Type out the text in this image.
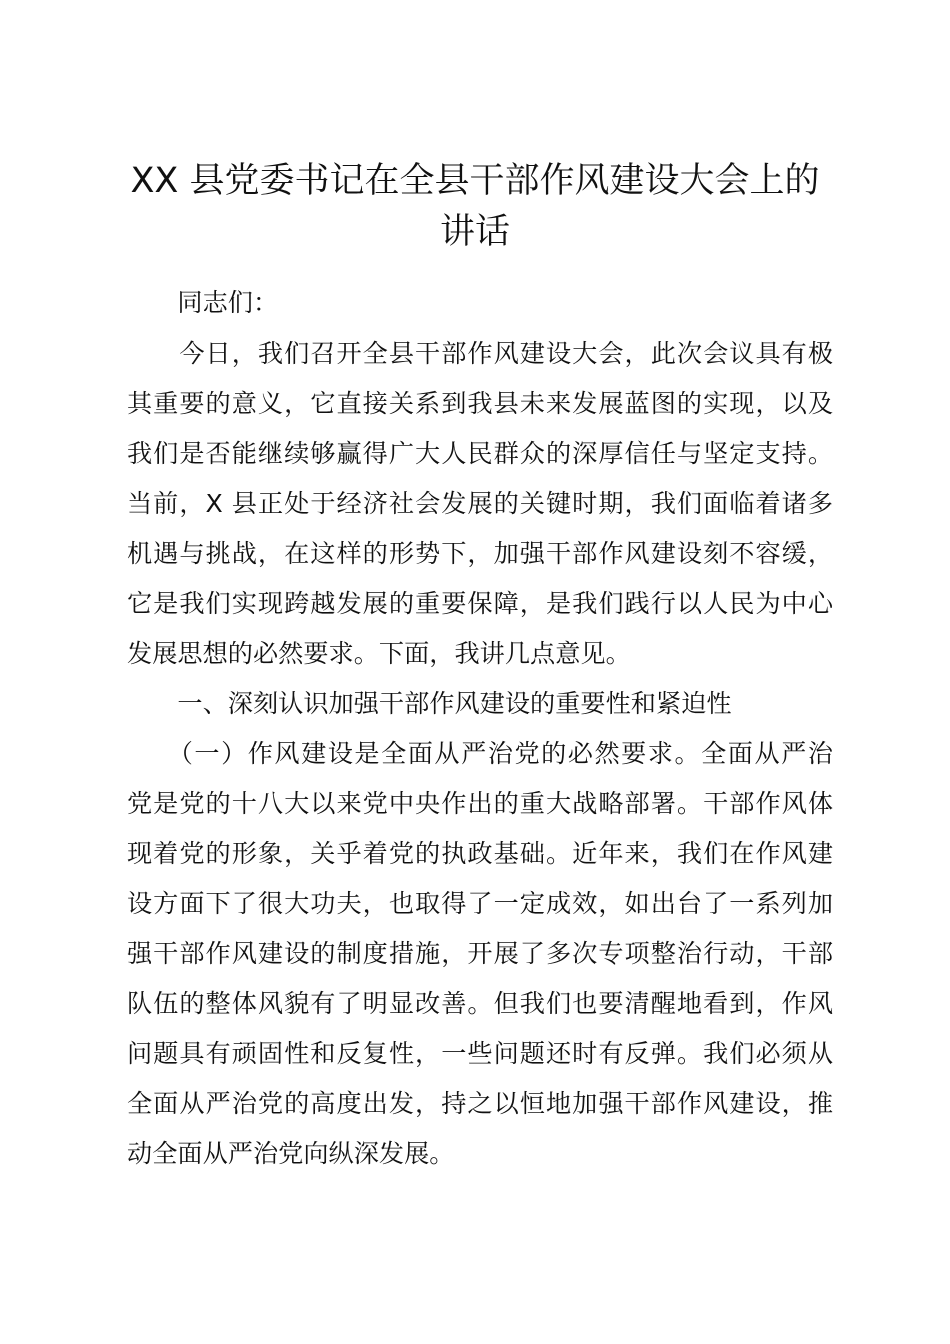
XX 县党委书记在全县干部作风建设大会上的
讲话
　　同志们：
　　今日，我们召开全县干部作风建设大会，此次会议具有极
其重要的意义，它直接关系到我县未来发展蓝图的实现，以及
我们是否能继续够赢得广大人民群众的深厚信任与坚定支持。
当前，X 县正处于经济社会发展的关键时期，我们面临着诸多
机遇与挑战，在这样的形势下，加强干部作风建设刻不容缓，
它是我们实现跨越发展的重要保障，是我们践行以人民为中心
发展思想的必然要求。下面，我讲几点意见。
　　一、深刻认识加强干部作风建设的重要性和紧迫性
　　（一）作风建设是全面从严治党的必然要求。全面从严治
党是党的十八大以来党中央作出的重大战略部署。干部作风体
现着党的形象，关乎着党的执政基础。近年来，我们在作风建
设方面下了很大功夫，也取得了一定成效，如出台了一系列加
强干部作风建设的制度措施，开展了多次专项整治行动，干部
队伍的整体风貌有了明显改善。但我们也要清醒地看到，作风
问题具有顽固性和反复性，一些问题还时有反弹。我们必须从
全面从严治党的高度出发，持之以恒地加强干部作风建设，推
动全面从严治党向纵深发展。
